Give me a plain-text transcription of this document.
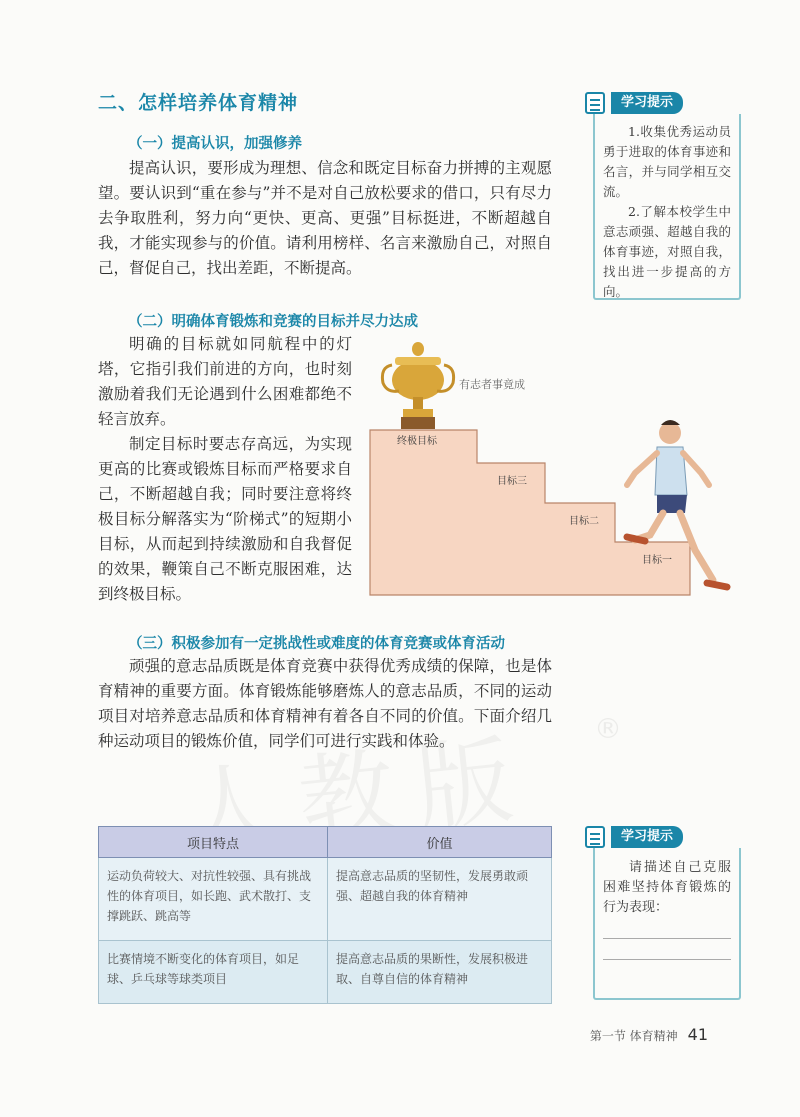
二、怎样培养体育精神
（一）提高认识，加强修养

提高认识，要形成为理想、信念和既定目标奋力拼搏的主观愿望。要认识到“重在参与”并不是对自己放松要求的借口，只有尽力去争取胜利，努力向“更快、更高、更强”目标挺进，不断超越自我，才能实现参与的价值。请利用榜样、名言来激励自己，对照自己，督促自己，找出差距，不断提高。

学习提示
1.收集优秀运动员勇于进取的体育事迹和名言，并与同学相互交流。
2.了解本校学生中意志顽强、超越自我的体育事迹，对照自我，找出进一步提高的方向。
（二）明确体育锻炼和竞赛的目标并尽力达成

明确的目标就如同航程中的灯塔，它指引我们前进的方向，也时刻激励着我们无论遇到什么困难都绝不轻言放弃。

制定目标时要志存高远，为实现更高的比赛或锻炼目标而严格要求自己，不断超越自我；同时要注意将终极目标分解落实为“阶梯式”的短期小目标，从而起到持续激励和自我督促的效果，鞭策自己不断克服困难，达到终极目标。

有志者事竟成
终极目标
目标三
目标二
目标一
（三）积极参加有一定挑战性或难度的体育竞赛或体育活动

顽强的意志品质既是体育竞赛中获得优秀成绩的保障，也是体育精神的重要方面。体育锻炼能够磨炼人的意志品质，不同的运动项目对培养意志品质和体育精神有着各自不同的价值。下面介绍几种运动项目的锻炼价值，同学们可进行实践和体验。	®
项目特点	价值
运动负荷较大、对抗性较强、具有挑战性的体育项目，如长跑、武术散打、支撑跳跃、跳高等	提高意志品质的坚韧性，发展勇敢顽强、超越自我的体育精神
比赛情境不断变化的体育项目，如足球、乒乓球等球类项目	提高意志品质的果断性，发展积极进取、自尊自信的体育精神
学习提示
请描述自己克服困难坚持体育锻炼的行为表现：
第一节 体育精神 41
